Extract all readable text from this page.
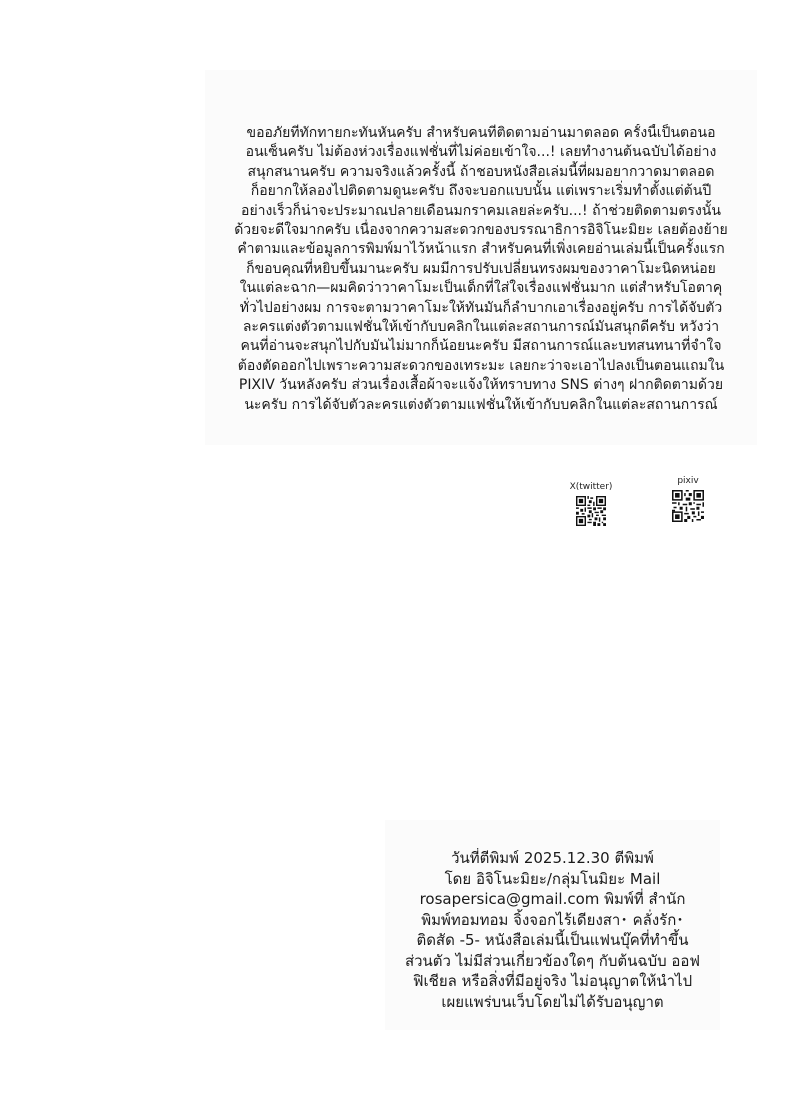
ขออภัยที่ทักทายกะทันหันครับ สำหรับคนที่ติดตามอ่านมาตลอด ครั้งนี้เป็นตอนอ
อนเซ็นครับ ไม่ต้องห่วงเรื่องแฟชั่นที่ไม่ค่อยเข้าใจ...! เลยทำงานต้นฉบับได้อย่าง
สนุกสนานครับ ความจริงแล้วครั้งนี้ ถ้าชอบหนังสือเล่มนี้ที่ผมอยากวาดมาตลอด
ก็อยากให้ลองไปติดตามดูนะครับ ถึงจะบอกแบบนั้น แต่เพราะเริ่มทำตั้งแต่ต้นปี
อย่างเร็วก็น่าจะประมาณปลายเดือนมกราคมเลยล่ะครับ...! ถ้าช่วยติดตามตรงนั้น
ด้วยจะดีใจมากครับ เนื่องจากความสะดวกของบรรณาธิการอิจิโนะมิยะ เลยต้องย้าย
คำตามและข้อมูลการพิมพ์มาไว้หน้าแรก สำหรับคนที่เพิ่งเคยอ่านเล่มนี้เป็นครั้งแรก
ก็ขอบคุณที่หยิบขึ้นมานะครับ ผมมีการปรับเปลี่ยนทรงผมของวาคาโมะนิดหน่อย
ในแต่ละฉาก—ผมคิดว่าวาคาโมะเป็นเด็กที่ใส่ใจเรื่องแฟชั่นมาก แต่สำหรับโอตาคุ
ทั่วไปอย่างผม การจะตามวาคาโมะให้ทันมันก็ลำบากเอาเรื่องอยู่ครับ การได้จับตัว
ละครแต่งตัวตามแฟชั่นให้เข้ากับบคลิกในแต่ละสถานการณ์มันสนุกดีครับ หวังว่า
คนที่อ่านจะสนุกไปกับมันไม่มากก็น้อยนะครับ มีสถานการณ์และบทสนทนาที่จำใจ
ต้องตัดออกไปเพราะความสะดวกของเทระมะ เลยกะว่าจะเอาไปลงเป็นตอนแถมใน
PIXIV วันหลังครับ ส่วนเรื่องเสื้อผ้าจะแจ้งให้ทราบทาง SNS ต่างๆ ฝากติดตามด้วย
นะครับ การได้จับตัวละครแต่งตัวตามแฟชั่นให้เข้ากับบคลิกในแต่ละสถานการณ์

X(twitter)
pixiv

วันที่ตีพิมพ์ 2025.12.30 ตีพิมพ์
โดย อิจิโนะมิยะ/กลุ่มโนมิยะ Mail
rosapersica@gmail.com พิมพ์ที่ สำนัก
พิมพ์ทอมทอม จิ้งจอกไร้เดียงสา･ คลั่งรัก･
ติดสัด -5- หนังสือเล่มนี้เป็นแฟนบุ๊คที่ทำขึ้น
ส่วนตัว ไม่มีส่วนเกี่ยวข้องใดๆ กับต้นฉบับ ออฟ
ฟิเชียล หรือสิ่งที่มีอยู่จริง ไม่อนุญาตให้นำไป
เผยแพร่บนเว็บโดยไม่ได้รับอนุญาต
